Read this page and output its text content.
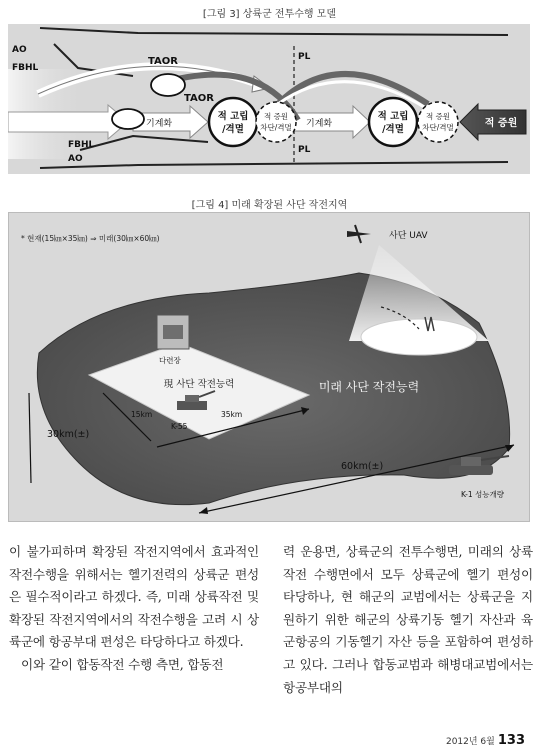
[그림 3] 상륙군 전투수행 모델
AO
FBHL
PL
FBHL
AO
PL
TAOR
TAOR
기계화	기계화
적 고립
/격멸
적 고립
/격멸
적 증원
차단/격멸
적 증원
차단/격멸	적 증원
[그림 4] 미래 확장된 사단 작전지역
* 현재(15㎞×35㎞) ⇒ 미래(30㎞×60㎞)	사단 UAV
現 사단 작전능력	미래 사단 작전능력
다련장
K-55
15km	35km
30km(±)
60km(±)
K-1 성능개량

이 불가피하며 확장된 작전지역에서 효과적인 작전수행을 위해서는 헬기전력의 상륙군 편성은 필수적이라고 하겠다. 즉, 미래 상륙작전 및 확장된 작전지역에서의 작전수행을 고려 시 상륙군에 항공부대 편성은 타당하다고 하겠다.

이와 같이 합동작전 수행 측면, 합동전

력 운용면, 상륙군의 전투수행면, 미래의 상륙작전 수행면에서 모두 상륙군에 헬기 편성이 타당하나, 현 해군의 교범에서는 상륙군을 지원하기 위한 해군의 상륙기동 헬기 자산과 육군항공의 기동헬기 자산 등을 포함하여 편성하고 있다. 그러나 합동교범과 해병대교범에서는 항공부대의

2012년 6월 133
